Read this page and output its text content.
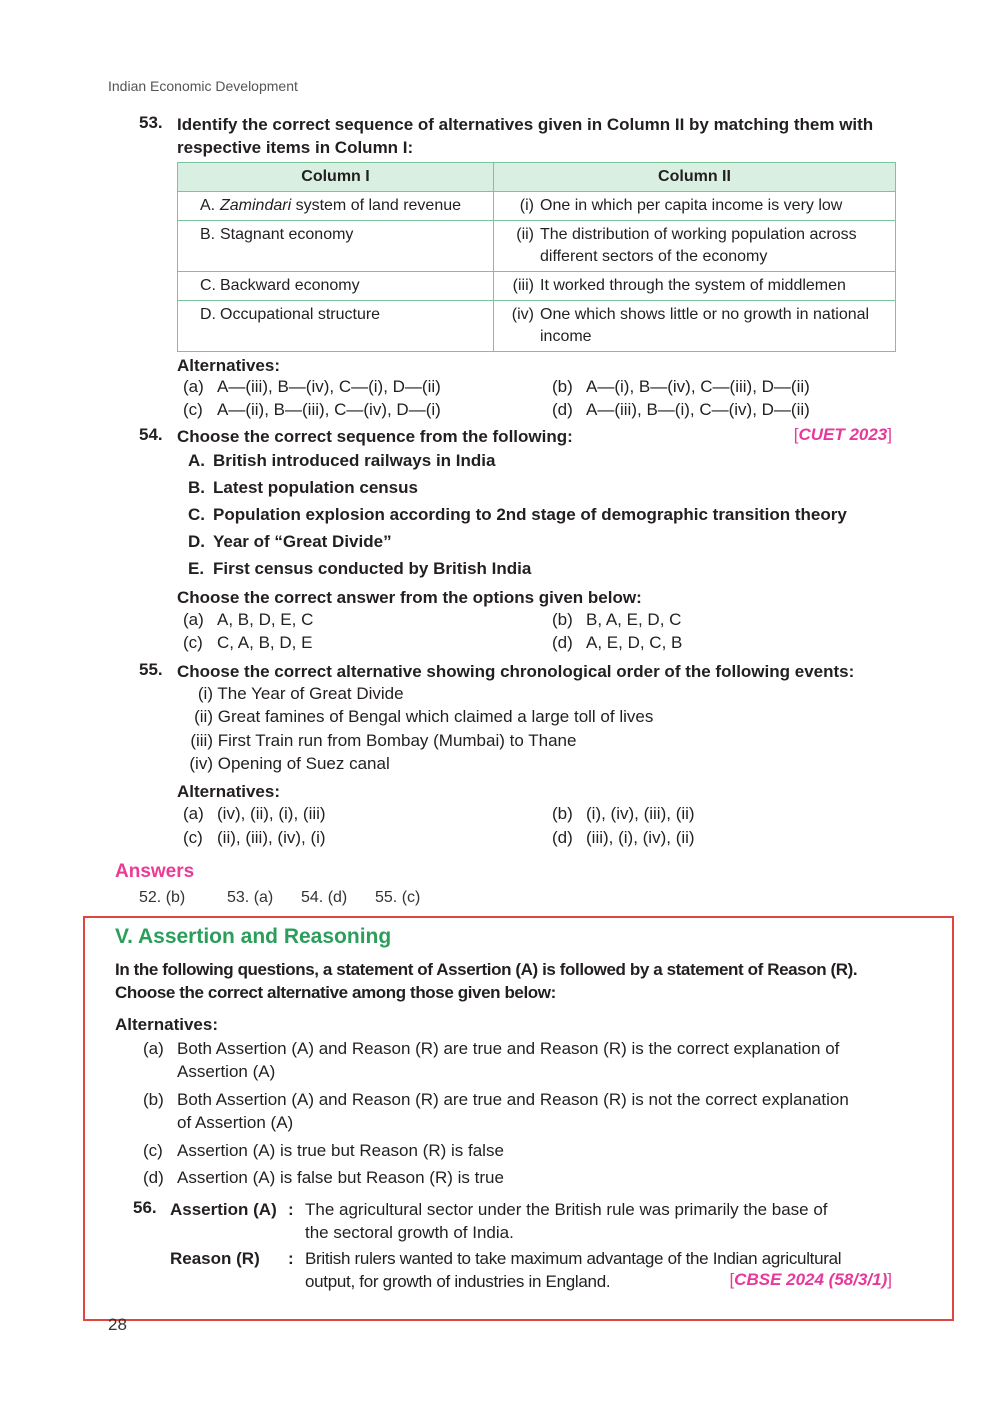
Indian Economic Development
53. Identify the correct sequence of alternatives given in Column II by matching them with
respective items in Column I:
Column I	Column II
A. Zamindari system of land revenue	(i) One in which per capita income is very low

B. Stagnant economy	(ii) The distribution of working population across
different sectors of the economy

C. Backward economy	(iii) It worked through the system of middlemen

D. Occupational structure	(iv) One which shows little or no growth in national
income
Alternatives:
(a) A—(iii), B—(iv), C—(i), D—(ii)	(b) A—(i), B—(iv), C—(iii), D—(ii)
(c) A—(ii), B—(iii), C—(iv), D—(i)	(d) A—(iii), B—(i), C—(iv), D—(ii)
54. Choose the correct sequence from the following:	[CUET 2023]
A. British introduced railways in India
B. Latest population census
C. Population explosion according to 2nd stage of demographic transition theory
D. Year of “Great Divide”
E. First census conducted by British India
Choose the correct answer from the options given below:
(a) A, B, D, E, C	(b) B, A, E, D, C
(c) C, A, B, D, E	(d) A, E, D, C, B
55. Choose the correct alternative showing chronological order of the following events:
(i) The Year of Great Divide
(ii) Great famines of Bengal which claimed a large toll of lives
(iii) First Train run from Bombay (Mumbai) to Thane
(iv) Opening of Suez canal
Alternatives:
(a) (iv), (ii), (i), (iii)	(b) (i), (iv), (iii), (ii)
(c) (ii), (iii), (iv), (i)	(d) (iii), (i), (iv), (ii)
Answers
52. (b)	53. (a) 54. (d) 55. (c)
V. Assertion and Reasoning
In the following questions, a statement of Assertion (A) is followed by a statement of Reason (R).
Choose the correct alternative among those given below:
Alternatives:
(a) Both Assertion (A) and Reason (R) are true and Reason (R) is the correct explanation of
Assertion (A)
(b) Both Assertion (A) and Reason (R) are true and Reason (R) is not the correct explanation
of Assertion (A)
(c) Assertion (A) is true but Reason (R) is false
(d) Assertion (A) is false but Reason (R) is true
56. Assertion (A) : The agricultural sector under the British rule was primarily the base of
the sectoral growth of India.
Reason (R) : British rulers wanted to take maximum advantage of the Indian agricultural
output, for growth of industries in England.	[CBSE 2024 (58/3/1)]
28
